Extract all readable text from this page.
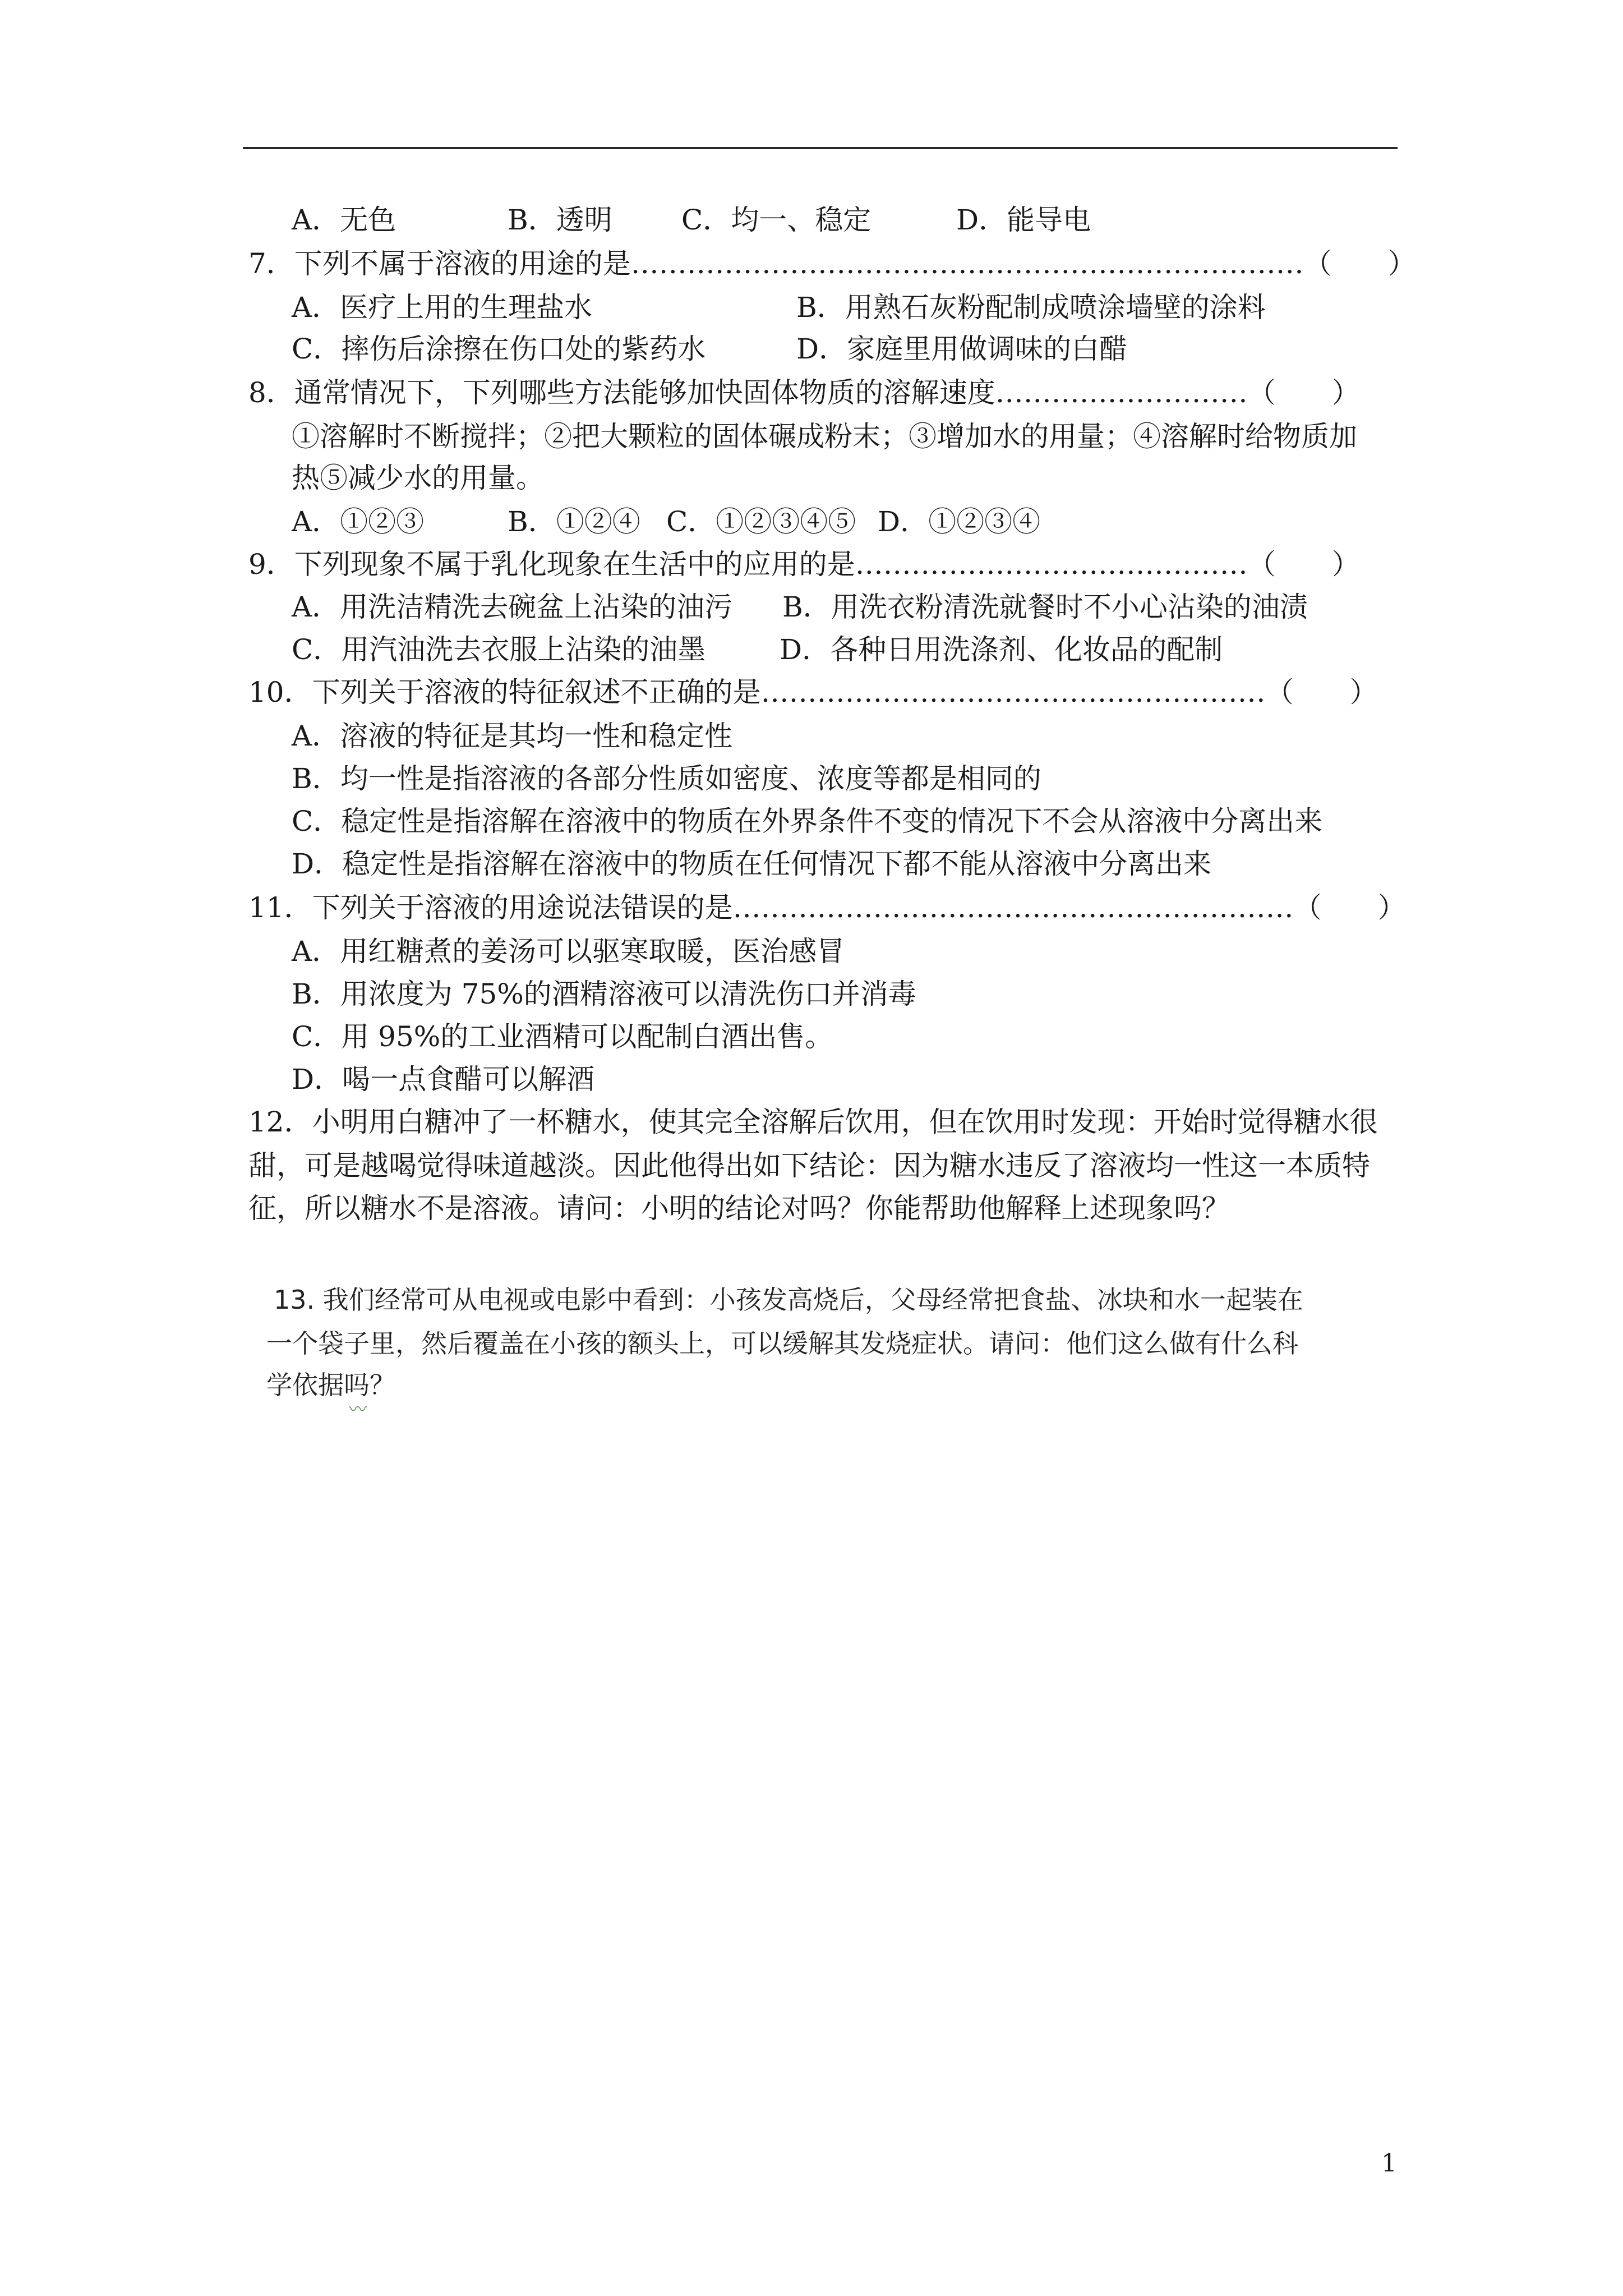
A．无色	B．透明 C．均一、稳定	D．能导电
7．下列不属于溶液的用途的是………………………………………………………………（　　）
A．医疗上用的生理盐水	B．用熟石灰粉配制成喷涂墙壁的涂料
C．摔伤后涂擦在伤口处的紫药水	D．家庭里用做调味的白醋
8．通常情况下，下列哪些方法能够加快固体物质的溶解速度………………………（　　）
①溶解时不断搅拌；②把大颗粒的固体碾成粉末；③增加水的用量；④溶解时给物质加
热⑤减少水的用量。
A．①②③	B．①②④ C．①②③④⑤ D．①②③④
9．下列现象不属于乳化现象在生活中的应用的是……………………………………（　　）
A．用洗洁精洗去碗盆上沾染的油污 B．用洗衣粉清洗就餐时不小心沾染的油渍
C．用汽油洗去衣服上沾染的油墨	D．各种日用洗涤剂、化妆品的配制
10．下列关于溶液的特征叙述不正确的是………………………………………………（　　）
A．溶液的特征是其均一性和稳定性
B．均一性是指溶液的各部分性质如密度、浓度等都是相同的
C．稳定性是指溶解在溶液中的物质在外界条件不变的情况下不会从溶液中分离出来
D．稳定性是指溶解在溶液中的物质在任何情况下都不能从溶液中分离出来
11．下列关于溶液的用途说法错误的是……………………………………………………（　　）
A．用红糖煮的姜汤可以驱寒取暖，医治感冒
B．用浓度为 75%的酒精溶液可以清洗伤口并消毒
C．用 95%的工业酒精可以配制白酒出售。
D．喝一点食醋可以解酒
12．小明用白糖冲了一杯糖水，使其完全溶解后饮用，但在饮用时发现：开始时觉得糖水很
甜，可是越喝觉得味道越淡。因此他得出如下结论：因为糖水违反了溶液均一性这一本质特
征，所以糖水不是溶液。请问：小明的结论对吗？你能帮助他解释上述现象吗？
13. 我们经常可从电视或电影中看到：小孩发高烧后，父母经常把食盐、冰块和水一起装在
一个袋子里，然后覆盖在小孩的额头上，可以缓解其发烧症状。请问：他们这么做有什么科
学依据吗？
〰
1
